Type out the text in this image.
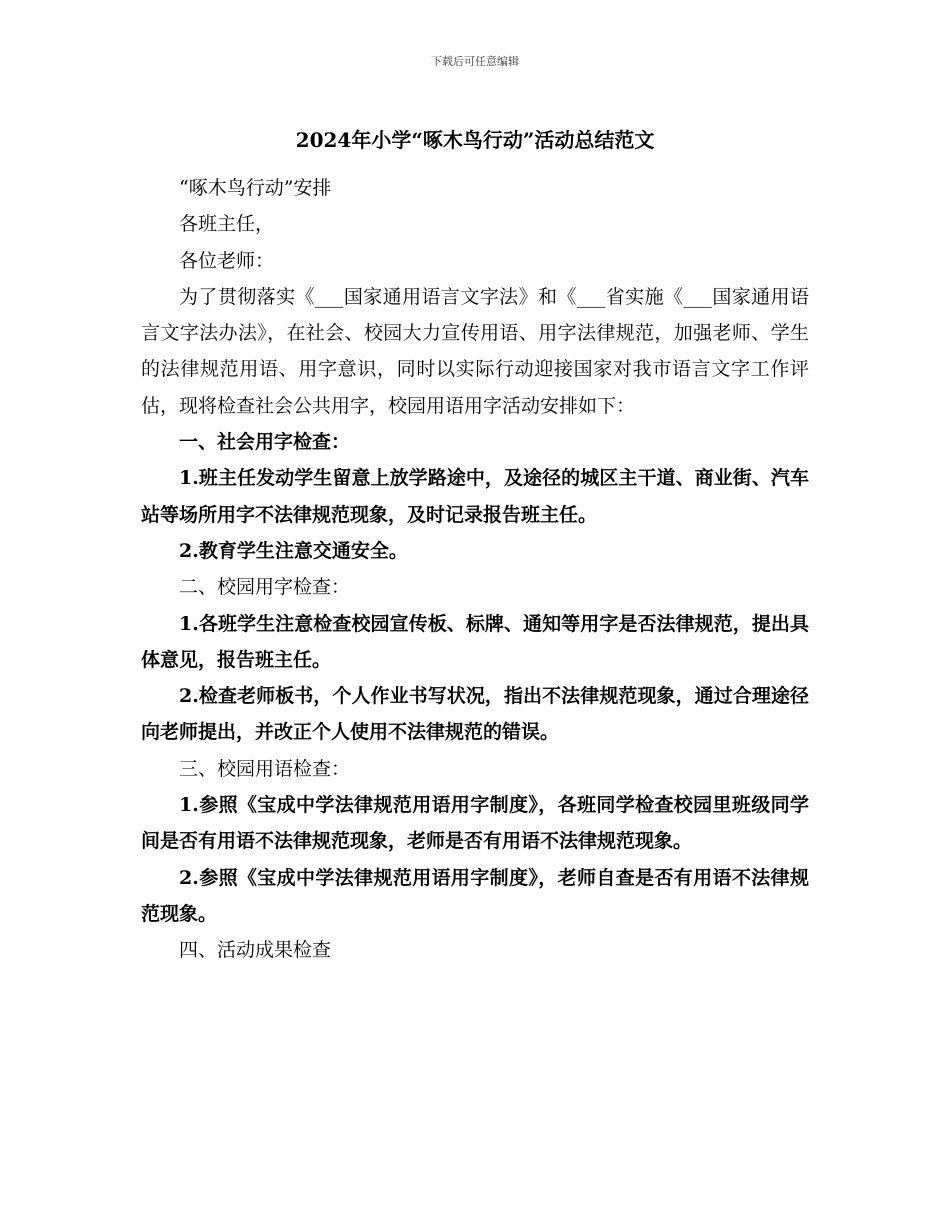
下载后可任意编辑
2024年小学“啄木鸟行动”活动总结范文

“啄木鸟行动”安排

各班主任，

各位老师：

为了贯彻落实《___国家通用语言文字法》和《___省实施《___国家通用语言文字法办法》，在社会、校园大力宣传用语、用字法律规范，加强老师、学生的法律规范用语、用字意识，同时以实际行动迎接国家对我市语言文字工作评估，现将检查社会公共用字，校园用语用字活动安排如下：

一、社会用字检查：

1.班主任发动学生留意上放学路途中，及途径的城区主干道、商业街、汽车站等场所用字不法律规范现象，及时记录报告班主任。

2.教育学生注意交通安全。

二、校园用字检查：

1.各班学生注意检查校园宣传板、标牌、通知等用字是否法律规范，提出具体意见，报告班主任。

2.检查老师板书，个人作业书写状况，指出不法律规范现象，通过合理途径向老师提出，并改正个人使用不法律规范的错误。

三、校园用语检查：

1.参照《宝成中学法律规范用语用字制度》，各班同学检查校园里班级同学间是否有用语不法律规范现象，老师是否有用语不法律规范现象。

2.参照《宝成中学法律规范用语用字制度》，老师自查是否有用语不法律规范现象。

四、活动成果检查
